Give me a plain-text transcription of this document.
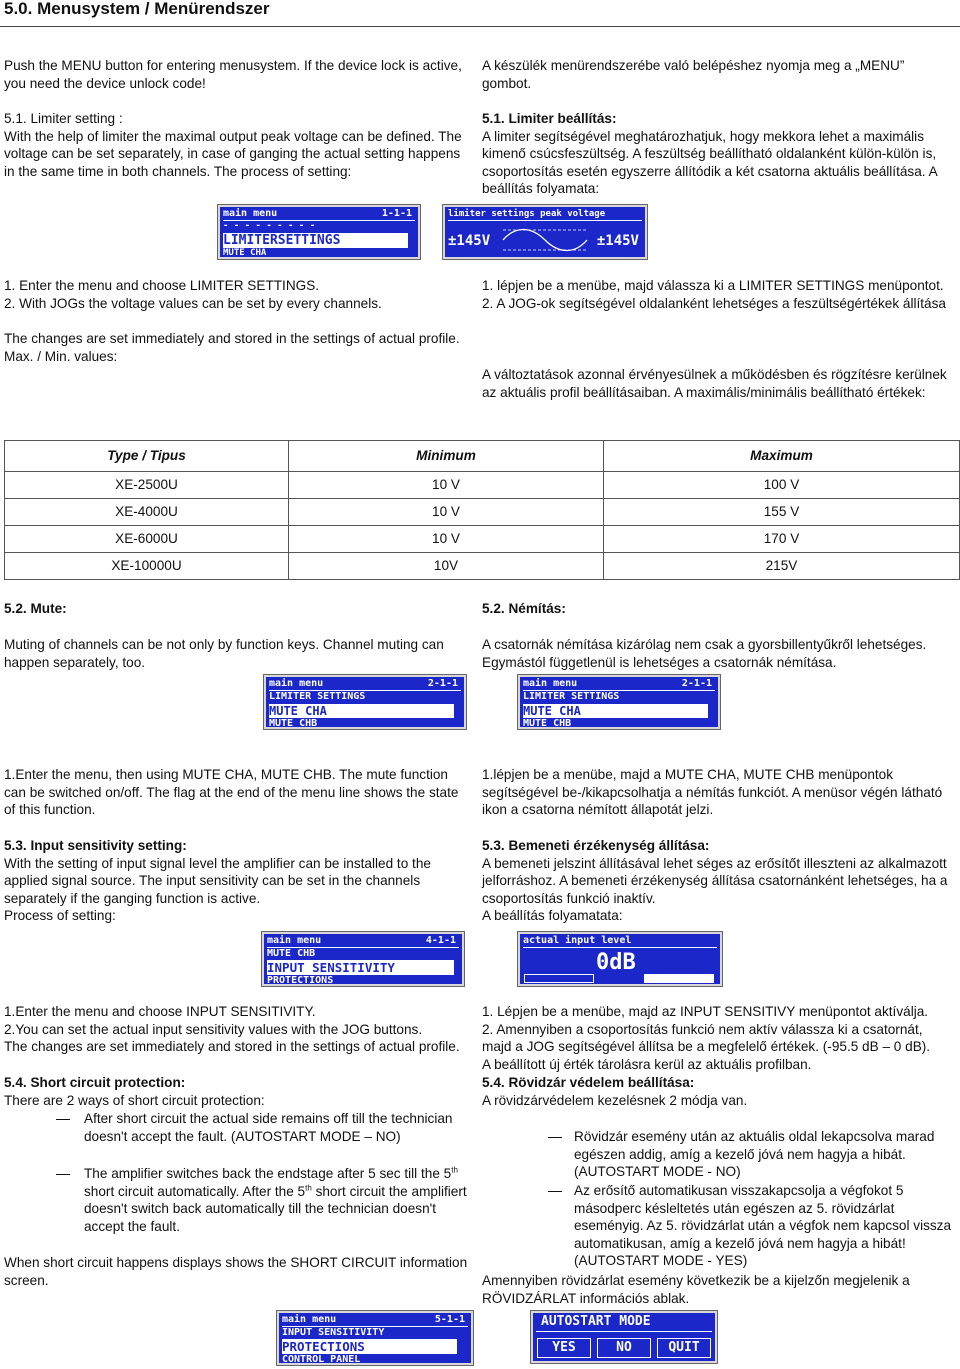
5.0. Menusystem / Menürendszer

Push the MENU button for entering menusystem. If the device lock is active, you need the device unlock code!

5.1. Limiter setting :

With the help of limiter the maximal output peak voltage can be defined. The voltage can be set separately, in case of ganging the actual setting happens in the same time in both channels. The process of setting:

1. Enter the menu and choose LIMITER SETTINGS.

2. With JOGs the voltage values can be set by every channels.

The changes are set immediately and stored in the settings of actual profile.

Max. / Min. values:

A készülék menürendszerébe való belépéshez nyomja meg a „MENU” gombot.

5.1. Limiter beállítás:

A limiter segítségével meghatározhatjuk, hogy mekkora lehet a maximális kimenő csúcsfeszültség. A feszültség beállítható oldalanként külön-külön is, csoportosítás esetén egyszerre állítódik a két csatorna aktuális beállítása. A beállítás folyamata:

1. lépjen be a menübe, majd válassza ki a LIMITER SETTINGS menüpontot.

2. A JOG-ok segítségével oldalanként lehetséges a feszültségértékek állítása

A változtatások azonnal érvényesülnek a működésben és rögzítésre kerülnek az aktuális profil beállításaiban. A maximális/minimális beállítható értékek:

main menu	1-1-1
- - - - - - - - -
LIMITERSETTINGS
MUTE CHA
limiter settings peak voltage
±145V	±145V
Type / Tipus	Minimum	Maximum
XE-2500U	10 V	100 V
XE-4000U	10 V	155 V
XE-6000U	10 V	170 V
XE-10000U	10V	215V

5.2. Mute:

Muting of channels can be not only by function keys. Channel muting can happen separately, too.

5.2. Némítás:

A csatornák némítása kizárólag nem csak a gyorsbillentyűkről lehetséges. Egymástól függetlenül is lehetséges a csatornák némítása.

main menu	2-1-1
LIMITER SETTINGS
MUTE CHA
MUTE CHB
main menu	2-1-1
LIMITER SETTINGS
MUTE CHA
MUTE CHB

1.Enter the menu, then using MUTE CHA, MUTE CHB. The mute function can be switched on/off. The flag at the end of the menu line shows the state of this function.

1.lépjen be a menübe, majd a MUTE CHA, MUTE CHB menüpontok segítségével be-/kikapcsolhatja a némítás funkciót. A menüsor végén látható ikon a csatorna némított állapotát jelzi.

5.3. Input sensitivity setting:

With the setting of input signal level the amplifier can be installed to the applied signal source. The input sensitivity can be set in the channels separately if the ganging function is active.

Process of setting:

5.3. Bemeneti érzékenység állítása:

A bemeneti jelszint állításával lehet séges az erősítőt illeszteni az alkalmazott jelforráshoz. A bemeneti érzékenység állítása csatornánként lehetséges, ha a csoportosítás funkció inaktív.

A beállítás folyamatata:

main menu	4-1-1
MUTE CHB
INPUT SENSITIVITY
PROTECTIONS
actual input level
0dB

1.Enter the menu and choose INPUT SENSITIVITY.

2.You can set the actual input sensitivity values with the JOG buttons.

The changes are set immediately and stored in the settings of actual profile.

1. Lépjen be a menübe, majd az INPUT SENSITIVY menüpontot aktíválja.

2. Amennyiben a csoportosítás funkció nem aktív válassza ki a csatornát, majd a JOG segítségével állítsa be a megfelelő értékek. (-95.5 dB – 0 dB).

A beállított új érték tárolásra kerül az aktuális profilban.

5.4. Short circuit protection:

There are 2 ways of short circuit protection:

After short circuit the actual side remains off till the technician doesn't accept the fault. (AUTOSTART MODE – NO)

The amplifier switches back the endstage after 5 sec till the 5th short circuit automatically. After the 5th short circuit the amplifiert doesn't switch back automatically till the technician doesn't accept the fault.

When short circuit happens displays shows the SHORT CIRCUIT information screen.

5.4. Rövidzár védelem beállítása:

A rövidzárvédelem kezelésnek 2 módja van.

Rövidzár esemény után az aktuális oldal lekapcsolva marad egészen addig, amíg a kezelő jóvá nem hagyja a hibát. (AUTOSTART MODE - NO)

Az erősítő automatikusan visszakapcsolja a végfokot 5 másodperc késleltetés után egészen az 5. rövidzárlat eseményig. Az 5. rövidzárlat után a végfok nem kapcsol vissza automatikusan, amíg a kezelő jóvá nem hagyja a hibát! (AUTOSTART MODE - YES)

Amennyiben rövidzárlat esemény következik be a kijelzőn megjelenik a RÖVIDZÁRLAT információs ablak.

main menu	5-1-1
INPUT SENSITIVITY
PROTECTIONS
CONTROL PANEL
AUTOSTART MODE
YES	NO	QUIT
